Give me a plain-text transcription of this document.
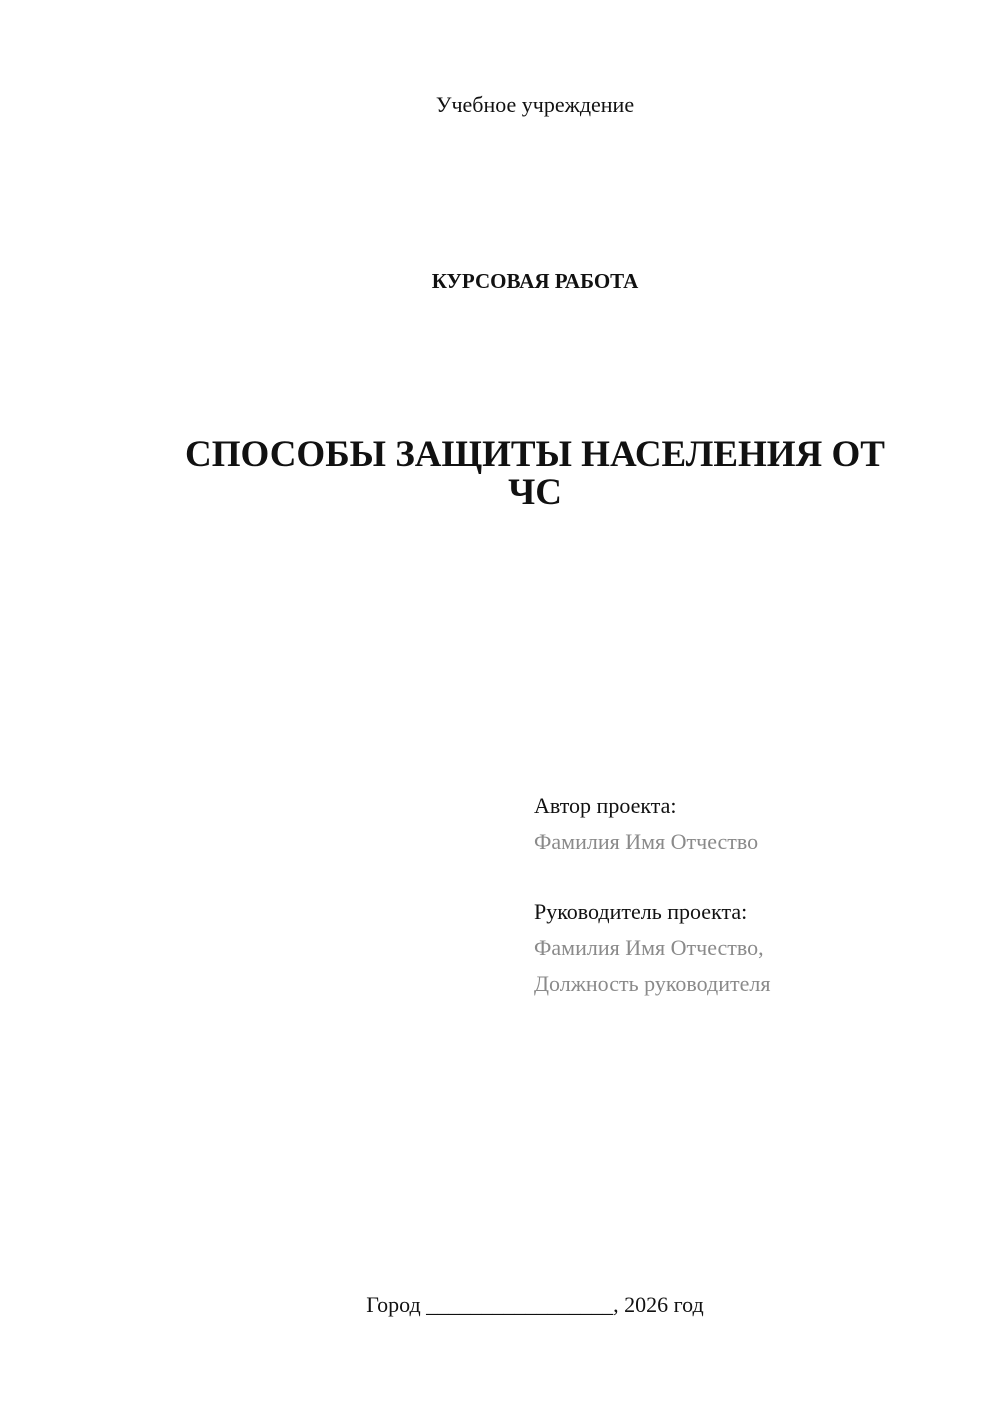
Учебное учреждение
КУРСОВАЯ РАБОТА
СПОСОБЫ ЗАЩИТЫ НАСЕЛЕНИЯ ОТ
ЧС
Автор проекта:
Фамилия Имя Отчество
Руководитель проекта:
Фамилия Имя Отчество,
Должность руководителя
Город _________________, 2026 год
